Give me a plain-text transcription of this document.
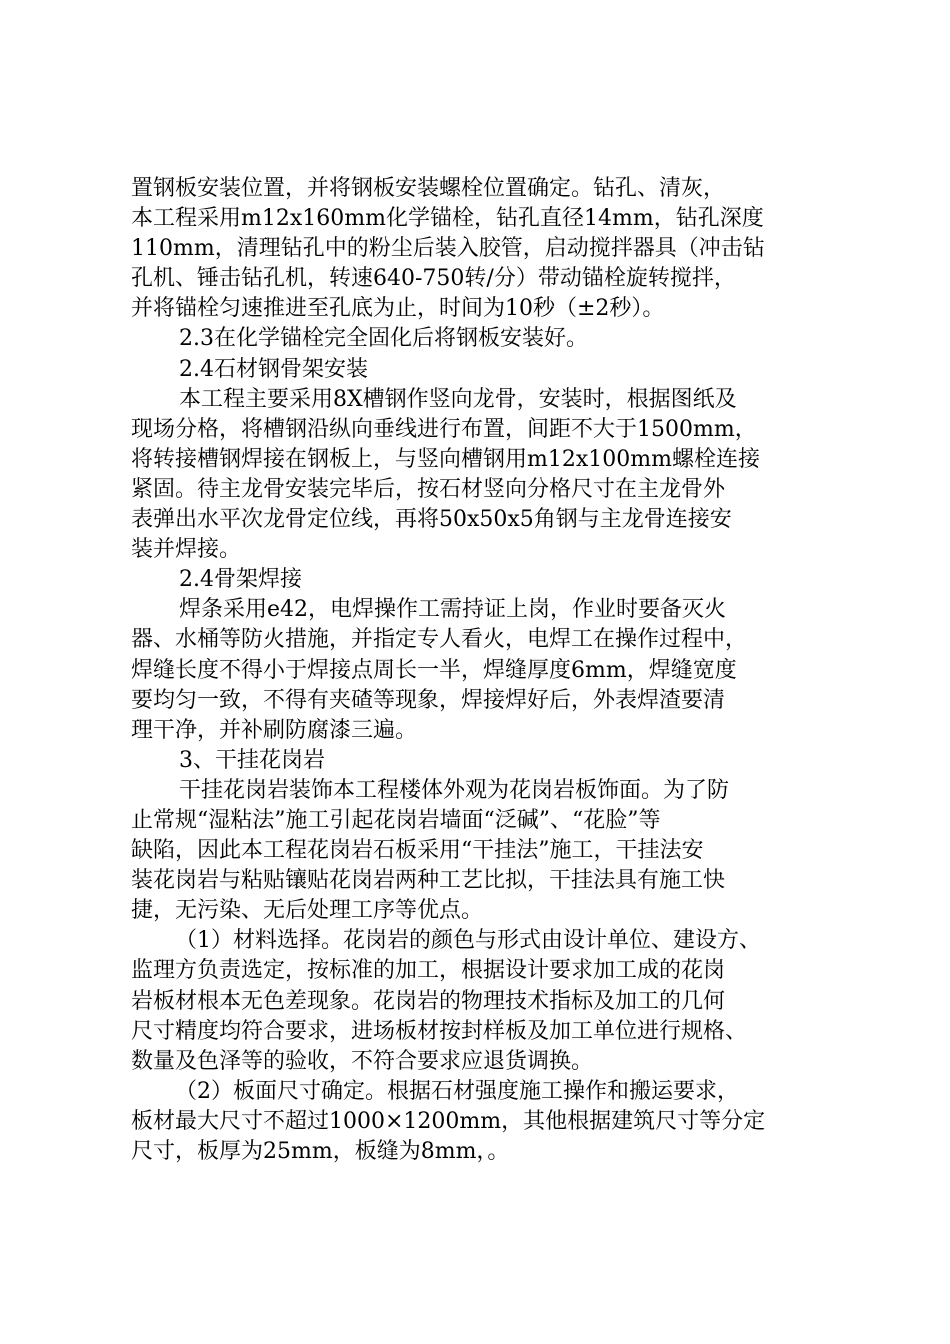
置钢板安装位置，并将钢板安装螺栓位置确定。钻孔、清灰，
本工程采用m12x160mm化学锚栓，钻孔直径14mm，钻孔深度
110mm，清理钻孔中的粉尘后装入胶管，启动搅拌器具（冲击钻
孔机、锤击钻孔机，转速640-750转/分）带动锚栓旋转搅拌，
并将锚栓匀速推进至孔底为止，时间为10秒（±2秒）。
2.3在化学锚栓完全固化后将钢板安装好。
2.4石材钢骨架安装
本工程主要采用8X槽钢作竖向龙骨，安装时，根据图纸及
现场分格，将槽钢沿纵向垂线进行布置，间距不大于1500mm，
将转接槽钢焊接在钢板上，与竖向槽钢用m12x100mm螺栓连接
紧固。待主龙骨安装完毕后，按石材竖向分格尺寸在主龙骨外
表弹出水平次龙骨定位线，再将50x50x5角钢与主龙骨连接安
装并焊接。
2.4骨架焊接
焊条采用e42，电焊操作工需持证上岗，作业时要备灭火
器、水桶等防火措施，并指定专人看火，电焊工在操作过程中，
焊缝长度不得小于焊接点周长一半，焊缝厚度6mm，焊缝宽度
要均匀一致，不得有夹碴等现象，焊接焊好后，外表焊渣要清
理干净，并补刷防腐漆三遍。
3、干挂花岗岩
干挂花岗岩装饰本工程楼体外观为花岗岩板饰面。为了防
止常规“湿粘法”施工引起花岗岩墙面“泛碱”、“花脸”等
缺陷，因此本工程花岗岩石板采用“干挂法”施工，干挂法安
装花岗岩与粘贴镶贴花岗岩两种工艺比拟，干挂法具有施工快
捷，无污染、无后处理工序等优点。
（1）材料选择。花岗岩的颜色与形式由设计单位、建设方、
监理方负责选定，按标准的加工，根据设计要求加工成的花岗
岩板材根本无色差现象。花岗岩的物理技术指标及加工的几何
尺寸精度均符合要求，进场板材按封样板及加工单位进行规格、
数量及色泽等的验收，不符合要求应退货调换。
（2）板面尺寸确定。根据石材强度施工操作和搬运要求，
板材最大尺寸不超过1000×1200mm，其他根据建筑尺寸等分定
尺寸，板厚为25mm，板缝为8mm，。
